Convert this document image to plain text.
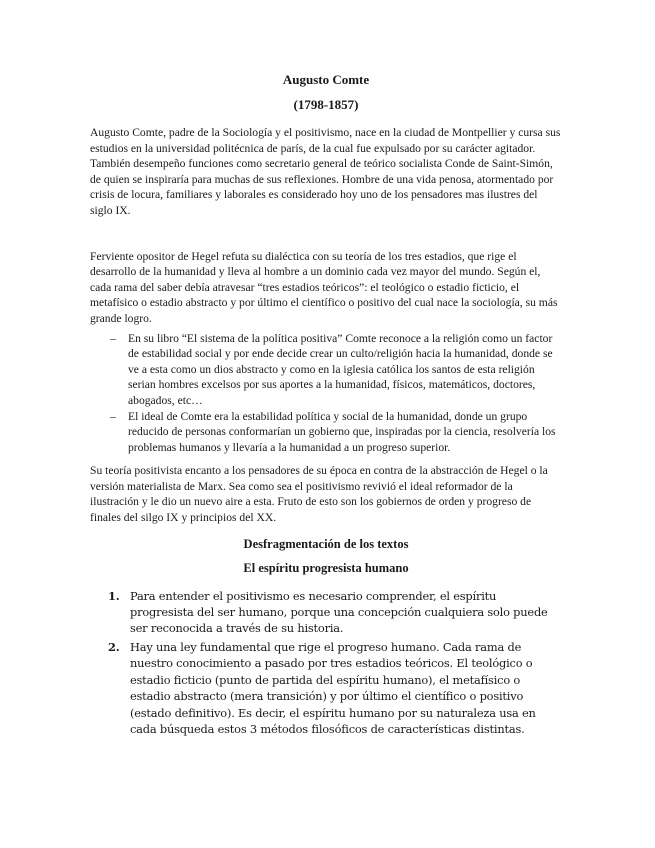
Augusto Comte
(1798-1857)

Augusto Comte, padre de la Sociología y el positivismo, nace en la ciudad de Montpellier y cursa sus estudios en la universidad politécnica de parís, de la cual fue expulsado por su carácter agitador. También desempeño funciones como secretario general de teórico socialista Conde de Saint-Simón, de quien se inspiraría para muchas de sus reflexiones. Hombre de una vida penosa, atormentado por crisis de locura, familiares y laborales es considerado hoy uno de los pensadores mas ilustres del siglo IX.

Ferviente opositor de Hegel refuta su dialéctica con su teoría de los tres estadios, que rige el desarrollo de la humanidad y lleva al hombre a un dominio cada vez mayor del mundo. Según el, cada rama del saber debía atravesar “tres estadios teóricos”: el teológico o estadio ficticio, el metafísico o estadio abstracto y por último el científico o positivo del cual nace la sociología, su más grande logro.

– En su libro “El sistema de la política positiva” Comte reconoce a la religión como un factor de estabilidad social y por ende decide crear un culto/religión hacia la humanidad, donde se ve a esta como un dios abstracto y como en la iglesia católica los santos de esta religión serian hombres excelsos por sus aportes a la humanidad, físicos, matemáticos, doctores, abogados, etc…
– El ideal de Comte era la estabilidad política y social de la humanidad, donde un grupo reducido de personas conformarían un gobierno que, inspiradas por la ciencia, resolvería los problemas humanos y llevaría a la humanidad a un progreso superior.

Su teoría positivista encanto a los pensadores de su época en contra de la abstracción de Hegel o la versión materialista de Marx. Sea como sea el positivismo revivió el ideal reformador de la ilustración y le dio un nuevo aire a esta. Fruto de esto son los gobiernos de orden y progreso de finales del silgo IX y principios del XX.

Desfragmentación de los textos
El espíritu progresista humano
1. Para entender el positivismo es necesario comprender, el espíritu progresista del ser humano, porque una concepción cualquiera solo puede ser reconocida a través de su historia.
2. Hay una ley fundamental que rige el progreso humano. Cada rama de nuestro conocimiento a pasado por tres estadios teóricos. El teológico o estadio ficticio (punto de partida del espíritu humano), el metafísico o estadio abstracto (mera transición) y por último el científico o positivo (estado definitivo). Es decir, el espíritu humano por su naturaleza usa en cada búsqueda estos 3 métodos filosóficos de características distintas.
